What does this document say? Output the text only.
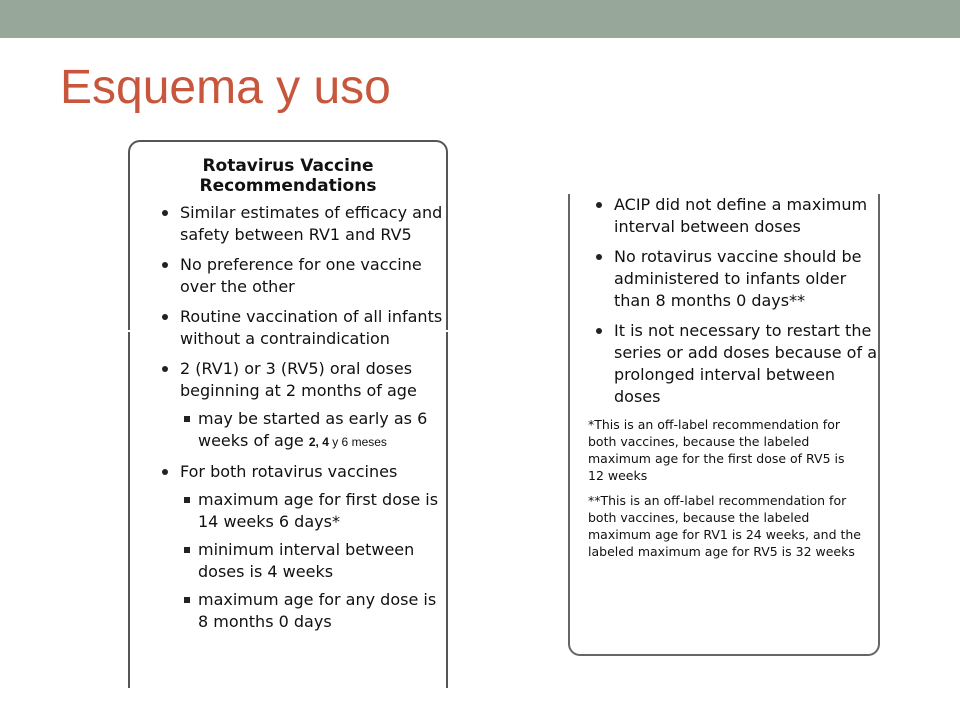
Esquema y uso
Rotavirus Vaccine
Recommendations
Similar estimates of efficacy and safety between RV1 and RV5
No preference for one vaccine over the other
Routine vaccination of all infants without a contraindication
2 (RV1) or 3 (RV5) oral doses beginning at 2 months of age
may be started as early as 6 weeks of age 2, 4 y 6 meses
For both rotavirus vaccines
maximum age for first dose is 14 weeks 6 days*
minimum interval between doses is 4 weeks
maximum age for any dose is 8 months 0 days
ACIP did not define a maximum interval between doses
No rotavirus vaccine should be administered to infants older than 8 months 0 days**
It is not necessary to restart the series or add doses because of a prolonged interval between doses

*This is an off-label recommendation for both vaccines, because the labeled maximum age for the first dose of RV5 is 12 weeks

**This is an off-label recommendation for both vaccines, because the labeled maximum age for RV1 is 24 weeks, and the labeled maximum age for RV5 is 32 weeks
